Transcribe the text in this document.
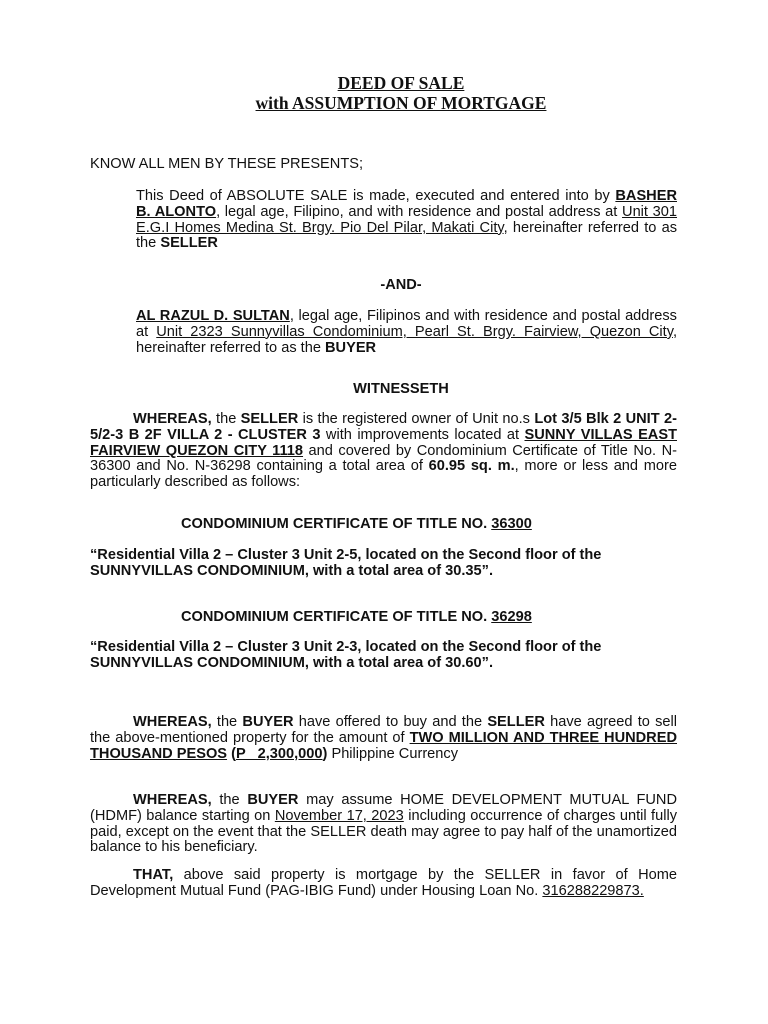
DEED OF SALE
with ASSUMPTION OF MORTGAGE
KNOW ALL MEN BY THESE PRESENTS;
This Deed of ABSOLUTE SALE is made, executed and entered into by BASHER B. ALONTO, legal age, Filipino, and with residence and postal address at Unit 301 E.G.I Homes Medina St. Brgy. Pio Del Pilar, Makati City, hereinafter referred to as the SELLER
-AND-
AL RAZUL D. SULTAN, legal age, Filipinos and with residence and postal address at Unit 2323 Sunnyvillas Condominium, Pearl St. Brgy. Fairview, Quezon City, hereinafter referred to as the BUYER
WITNESSETH
WHEREAS, the SELLER is the registered owner of Unit no.s Lot 3/5 Blk 2 UNIT 2-5/2-3 B 2F VILLA 2 - CLUSTER 3 with improvements located at SUNNY VILLAS EAST FAIRVIEW QUEZON CITY 1118 and covered by Condominium Certificate of Title No. N-36300 and No. N-36298 containing a total area of 60.95 sq. m., more or less and more particularly described as follows:
CONDOMINIUM CERTIFICATE OF TITLE NO. 36300
“Residential Villa 2 – Cluster 3 Unit 2-5, located on the Second floor of the SUNNYVILLAS CONDOMINIUM, with a total area of 30.35”.
CONDOMINIUM CERTIFICATE OF TITLE NO. 36298
“Residential Villa 2 – Cluster 3 Unit 2-3, located on the Second floor of the SUNNYVILLAS CONDOMINIUM, with a total area of 30.60”.
WHEREAS, the BUYER have offered to buy and the SELLER have agreed to sell the above-mentioned property for the amount of TWO MILLION AND THREE HUNDRED THOUSAND PESOS (P   2,300,000) Philippine Currency
WHEREAS, the BUYER may assume HOME DEVELOPMENT MUTUAL FUND (HDMF) balance starting on November 17, 2023 including occurrence of charges until fully paid, except on the event that the SELLER death may agree to pay half of the unamortized balance to his beneficiary.
THAT, above said property is mortgage by the SELLER in favor of Home Development Mutual Fund (PAG-IBIG Fund) under Housing Loan No. 316288229873.
